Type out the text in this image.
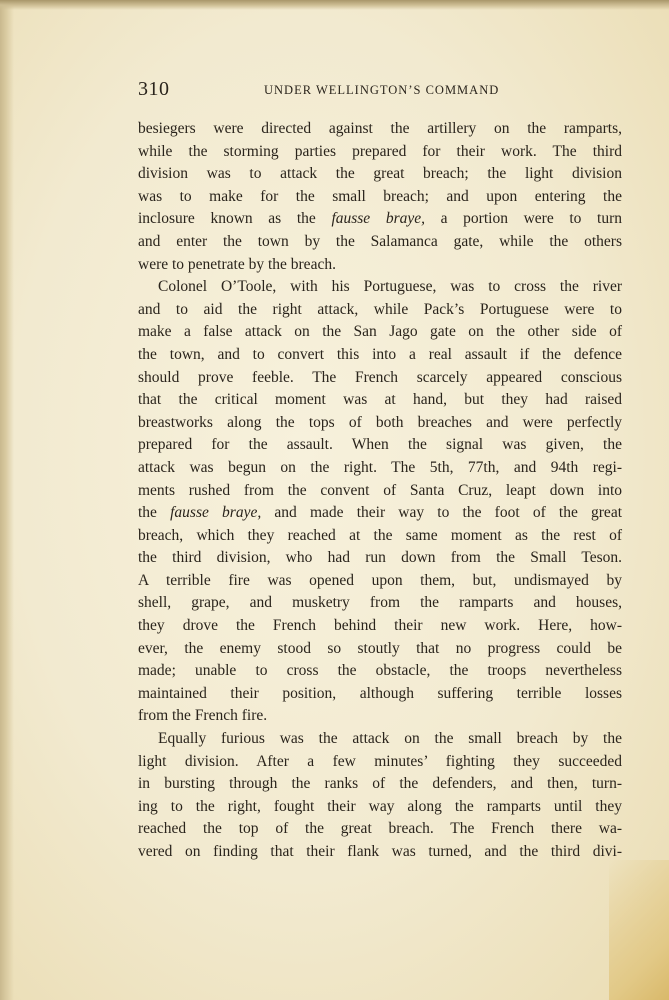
310	UNDER WELLINGTON’S COMMAND
besiegers were directed against the artillery on the ramparts,
while the storming parties prepared for their work. The third
division was to attack the great breach; the light division
was to make for the small breach; and upon entering the
inclosure known as the fausse braye, a portion were to turn
and enter the town by the Salamanca gate, while the others
were to penetrate by the breach.
Colonel O’Toole, with his Portuguese, was to cross the river
and to aid the right attack, while Pack’s Portuguese were to
make a false attack on the San Jago gate on the other side of
the town, and to convert this into a real assault if the defence
should prove feeble. The French scarcely appeared conscious
that the critical moment was at hand, but they had raised
breastworks along the tops of both breaches and were perfectly
prepared for the assault. When the signal was given, the
attack was begun on the right. The 5th, 77th, and 94th regi-
ments rushed from the convent of Santa Cruz, leapt down into
the fausse braye, and made their way to the foot of the great
breach, which they reached at the same moment as the rest of
the third division, who had run down from the Small Teson.
A terrible fire was opened upon them, but, undismayed by
shell, grape, and musketry from the ramparts and houses,
they drove the French behind their new work. Here, how-
ever, the enemy stood so stoutly that no progress could be
made; unable to cross the obstacle, the troops nevertheless
maintained their position, although suffering terrible losses
from the French fire.
Equally furious was the attack on the small breach by the
light division. After a few minutes’ fighting they succeeded
in bursting through the ranks of the defenders, and then, turn-
ing to the right, fought their way along the ramparts until they
reached the top of the great breach. The French there wa-
vered on finding that their flank was turned, and the third divi-
